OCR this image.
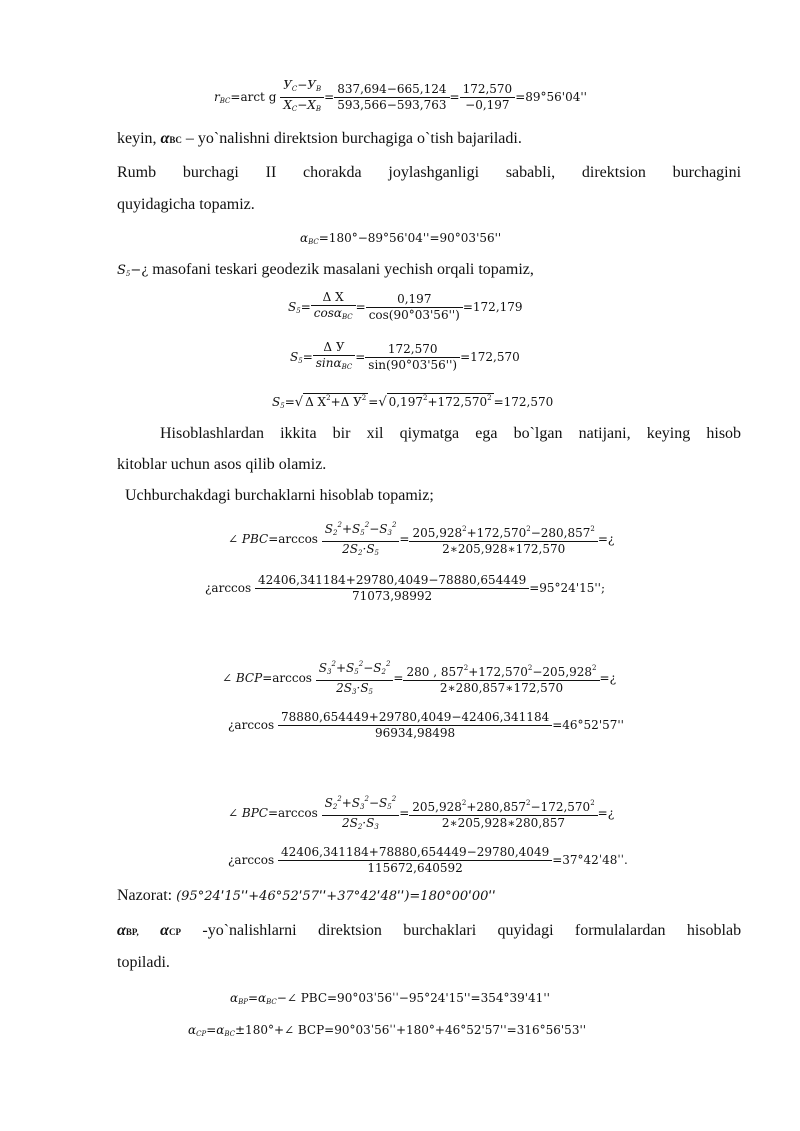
$r_{BC}=arct$ g $\frac{У_C-У_B}{X_C-X_B} = \frac{837,694-665,124}{593,566-593,763} = \frac{172,570}{-0,197} =89^\circ 56'04''$
keyin, αBC – yo`nalishni direktsion burchagiga o`tish bajariladi.
Rumb burchagi II chorakda joylashganligi sababli, direktsion burchagini
quyidagicha topamiz.
$\alpha_{BC}=180^\circ-89^\circ 56'04''=90^\circ 03'56''$
$S_5-¿$ masofani teskari geodezik masalani yechish orqali topamiz,
$S_5= \frac{\text{Δ X}}{\cos\alpha_{BC}} = \frac{0,197}{\cos(90^\circ 03'56'')} =172,179$
$S_5= \frac{\text{Δ У}}{\sin\alpha_{BC}} = \frac{172,570}{\sin(90^\circ 03'56'')} =172,570$
$S_5=√$ Δ $X^2+\Delta$ $У^2$ =√ $0,197^2+172,570^2 =172,570$
Hisoblashlardan ikkita bir xil qiymatga ega bo`lgan natijani, keying hisob
kitoblar uchun asos qilib olamiz.
Uchburchakdagi burchaklarni hisoblab topamiz;
∠ $PBC=\arccos \frac{S_2^2+S_5^2-S_3^2}{2S_2\cdot S_5} = \frac{205,928^2+172,570^2-280,857^2}{2∗205,928∗172,570}$ =¿
¿$\arccos \frac{42406,341184+29780,4049-78880,654449}{71073,98992} =95^\circ 24'15''$;
∠ $BCP=\arccos \frac{S_3^2+S_5^2-S_2^2}{2S_3\cdot S_5} = \frac{280 , 857^2+172,570^2-205,928^2}{2∗280,857∗172,570}$ =¿
¿$\arccos \frac{78880,654449+29780,4049-42406,341184}{96934,98498} =46^\circ 52'57''$
∠ $BPC=\arccos \frac{S_2^2+S_3^2-S_5^2}{2S_2\cdot S_3} = \frac{205,928^2+280,857^2-172,570^2}{2∗205,928∗280,857}$ =¿
¿$\arccos \frac{42406,341184+78880,654449-29780,4049}{115672,640592}$ =37°42ˈ48ˈˈ.
Nazorat: (95°24ˈ15ˈˈ+46°52ˈ57ˈˈ+37°42ˈ48ˈˈ)=180°00ˈ00ˈˈ
αBP, αCP -yo`nalishlarni direktsion burchaklari quyidagi formulalardan hisoblab
topiladi.
$\alpha_{BP}=\alpha_{BC}-\angle$ PBC=90°03ˈ56ˈˈ−95°24'15''=354°39'41''
$\alpha_{CP}=\alpha_{BC}\pm 180^\circ+\angle$ BCP=90°03ˈ56ˈˈ+180°+46°52'57''=316°56'53''
